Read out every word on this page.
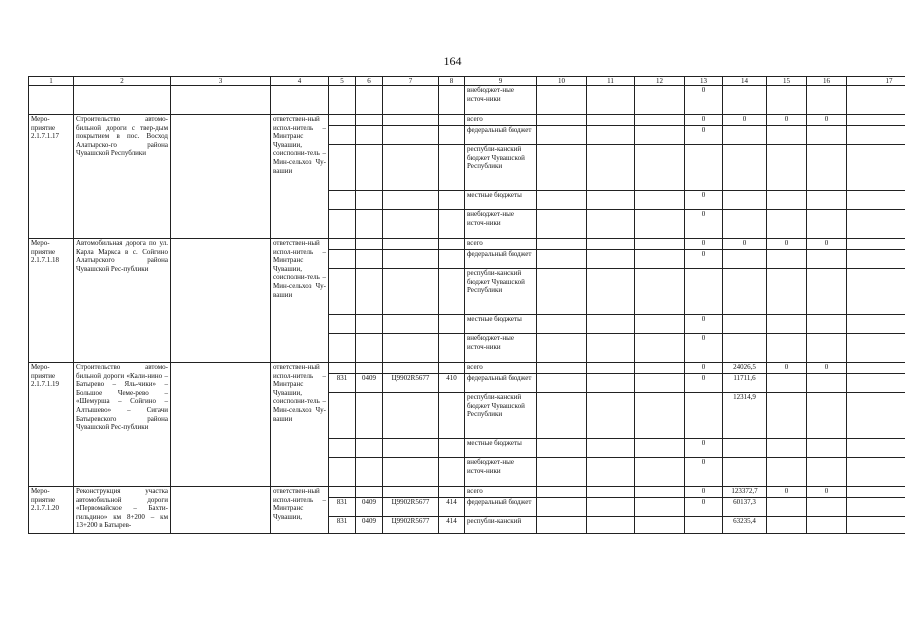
164
1	2	3	4	5	6	7	8	9	10	11	12	13	14	15	16	17
								внебюджет-ные источ-ники				0				
Меро-приятие 2.1.7.1.17	Строительство автомо-бильной дороги с твер-дым покрытием в пос. Восход Алатырско-го района Чувашской Республики		ответствен-ный испол-нитель – Минтранс Чувашии, соисполни-тель – Мин-сельхоз Чу-вашии					всего				0	0	0	0	
								федеральный бюджет				0				
								республи-канский бюджет Чувашской Республики								
								местные бюджеты				0				
								внебюджет-ные источ-ники				0				
Меро-приятие 2.1.7.1.18	Автомобильная дорога по ул. Карла Маркса в с. Сойгино Алатырского района Чувашской Рес-публики		ответствен-ный испол-нитель – Минтранс Чувашии, соисполни-тель – Мин-сельхоз Чу-вашии					всего				0	0	0	0	
								федеральный бюджет				0				
								республи-канский бюджет Чувашской Республики								
								местные бюджеты				0				
								внебюджет-ные источ-ники				0				
Меро-приятие 2.1.7.1.19	Строительство автомо-бильной дороги «Кали-нино – Батырево – Яль-чики» – Большое Чеме-рево – «Шемурша – Сойгино – Алтышево» – Сигачи Батыревского района Чувашской Рес-публики		ответствен-ный испол-нитель – Минтранс Чувашии, соисполни-тель – Мин-сельхоз Чу-вашии					всего				0	24026,5	0	0	
				831	0409	Ц9902R5677	410	федеральный бюджет				0	11711,6			
								республи-канский бюджет Чувашской Республики					12314,9			
								местные бюджеты				0				
								внебюджет-ные источ-ники				0				
Меро-приятие 2.1.7.1.20	Реконструкция участка автомобильной дороги «Первомайское – Бахти-гильдино» км 8+200 – км 13+200 в Батырев-		ответствен-ный испол-нитель – Минтранс Чувашии,					всего				0	123372,7	0	0	
				831	0409	Ц9902R5677	414	федеральный бюджет				0	60137,3			
				831	0409	Ц9902R5677	414	республи-канский					63235,4			
